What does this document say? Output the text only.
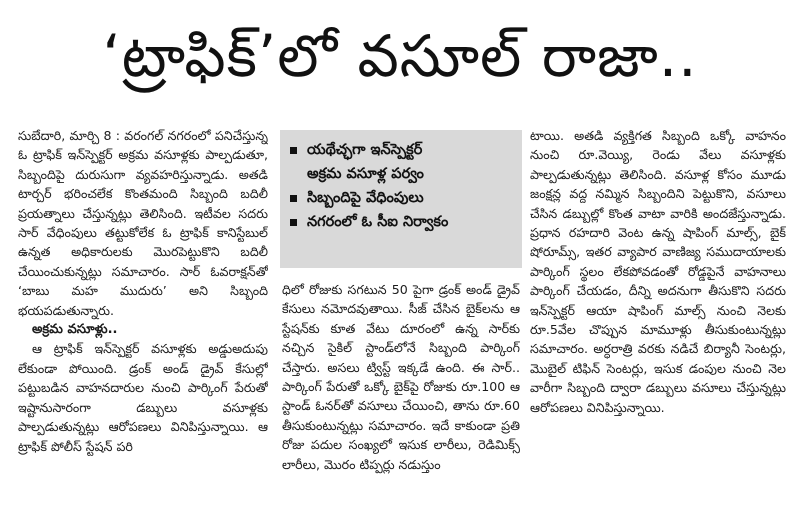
‘ట్రాఫిక్’లో వసూల్ రాజా..

సుబేదారి, మార్చి 8 : వరంగల్ నగరంలో పనిచేస్తున్న ఓ ట్రాఫిక్ ఇన్‌స్పెక్టర్ అక్రమ వసూళ్లకు పాల్పడుతూ, సిబ్బందిపై దురుసుగా వ్యవహరిస్తున్నాడు. అతడి టార్చర్ భరించలేక కొంతమంది సిబ్బంది బదిలీ ప్రయత్నాలు చేస్తున్నట్లు తెలిసింది. ఇటీవల సదరు సార్ వేధింపులు తట్టుకోలేక ఓ ట్రాఫిక్ కానిస్టేబుల్ ఉన్నత అధికారులకు మొరపెట్టుకొని బదిలీ చేయించుకున్నట్లు సమాచారం. సార్ ఓవరాక్షన్‌తో ‘బాబు మహ ముదురు’ అని సిబ్బంది భయపడుతున్నారు.

అక్రమ వసూళ్లు..

ఆ ట్రాఫిక్ ఇన్‌స్పెక్టర్ వసూళ్లకు అడ్డుఅదుపు లేకుండా పోయింది. డ్రంక్ అండ్ డ్రైవ్ కేసుల్లో పట్టుబడిన వాహనదారుల నుంచి పార్కింగ్ పేరుతో ఇష్టానుసారంగా డబ్బులు వసూళ్లకు పాల్పడుతున్నట్లు ఆరోపణలు వినిపిస్తున్నాయి. ఆ ట్రాఫిక్ పోలీస్ స్టేషన్ పరి

యథేచ్ఛగా ఇన్‌స్పెక్టర్
అక్రమ వసూళ్ల పర్వం
సిబ్బందిపై వేధింపులు
నగరంలో ఓ సీఐ నిర్వాకం

ధిలో రోజుకు సగటున 50 పైగా డ్రంక్ అండ్ డ్రైవ్ కేసులు నమోదవుతాయి. సీజ్ చేసిన బైక్‌లను ఆ స్టేషన్‌కు కూత వేటు దూరంలో ఉన్న సార్‌కు నచ్చిన సైకిల్ స్టాండ్‌లోనే సిబ్బంది పార్కింగ్ చేస్తారు. అసలు ట్విస్ట్ ఇక్కడే ఉంది. ఈ సార్.. పార్కింగ్ పేరుతో ఒక్కో బైక్‌పై రోజుకు రూ.100 ఆ స్టాండ్ ఓనర్‌తో వసూలు చేయించి, తాను రూ.60 తీసుకుంటున్నట్లు సమాచారం. ఇదే కాకుండా ప్రతి రోజు పదుల సంఖ్యలో ఇసుక లారీలు, రెడిమిక్స్ లారీలు, మొరం టిప్పర్లు నడుస్తుం

టాయి. అతడి వ్యక్తిగత సిబ్బంది ఒక్కో వాహనం నుంచి రూ.వెయ్యి, రెండు వేలు వసూళ్లకు పాల్పడుతున్నట్లు తెలిసింది. వసూళ్ల కోసం మూడు జంక్షన్ల వద్ద నమ్మిన సిబ్బందిని పెట్టుకొని, వసూలు చేసిన డబ్బుల్లో కొంత వాటా వారికి అందజేస్తున్నాడు. ప్రధాన రహదారి వెంట ఉన్న షాపింగ్ మాల్స్, బైక్ షోరూమ్స్, ఇతర వ్యాపార వాణిజ్య సముదాయాలకు పార్కింగ్ స్థలం లేకపోవడంతో రోడ్డపైనే వాహనాలు పార్కింగ్ చేయడం, దీన్ని అదనుగా తీసుకొని సదరు ఇన్‌స్పెక్టర్ ఆయా షాపింగ్ మాల్స్ నుంచి నెలకు రూ.5వేల చొప్పున మామూళ్లు తీసుకుంటున్నట్లు సమాచారం. అర్ధరాత్రి వరకు నడిచే బిర్యానీ సెంటర్లు, మొబైల్ టిఫిన్ సెంటర్లు, ఇసుక డంపుల నుంచి నెల వారీగా సిబ్బంది ద్వారా డబ్బులు వసూలు చేస్తున్నట్లు ఆరోపణలు వినిపిస్తున్నాయి.
